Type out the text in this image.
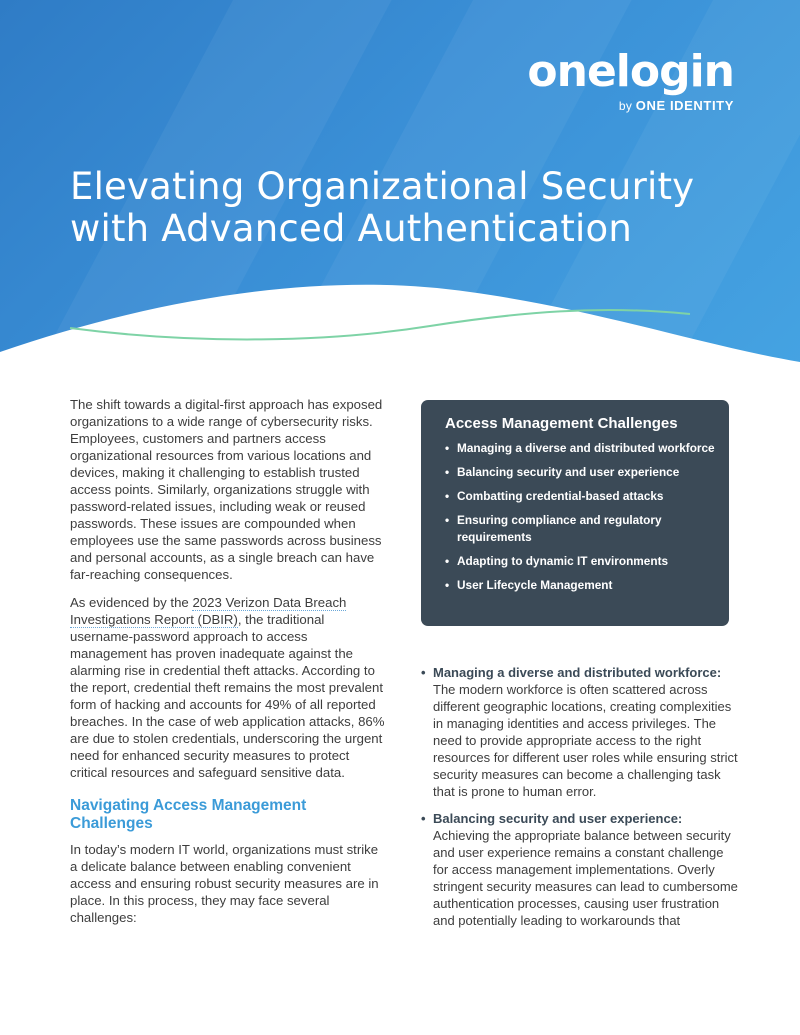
onelogin
by ONE IDENTITY
Elevating Organizational Security
with Advanced Authentication

The shift towards a digital-first approach has exposed organizations to a wide range of cybersecurity risks. Employees, customers and partners access organizational resources from various locations and devices, making it challenging to establish trusted access points. Similarly, organizations struggle with password-related issues, including weak or reused passwords. These issues are compounded when employees use the same passwords across business and personal accounts, as a single breach can have far-reaching consequences.

As evidenced by the 2023 Verizon Data Breach Investigations Report (DBIR), the traditional username-password approach to access management has proven inadequate against the alarming rise in credential theft attacks. According to the report, credential theft remains the most prevalent form of hacking and accounts for 49% of all reported breaches. In the case of web application attacks, 86% are due to stolen credentials, underscoring the urgent need for enhanced security measures to protect critical resources and safeguard sensitive data.

Navigating Access Management Challenges

In today’s modern IT world, organizations must strike a delicate balance between enabling convenient access and ensuring robust security measures are in place. In this process, they may face several challenges:

Access Management Challenges
• Managing a diverse and distributed workforce
• Balancing security and user experience
• Combatting credential-based attacks
• Ensuring compliance and regulatory requirements
• Adapting to dynamic IT environments
• User Lifecycle Management
• Managing a diverse and distributed workforce: The modern workforce is often scattered across different geographic locations, creating complexities in managing identities and access privileges. The need to provide appropriate access to the right resources for different user roles while ensuring strict security measures can become a challenging task that is prone to human error.
• Balancing security and user experience: Achieving the appropriate balance between security and user experience remains a constant challenge for access management implementations. Overly stringent security measures can lead to cumbersome authentication processes, causing user frustration and potentially leading to workarounds that
